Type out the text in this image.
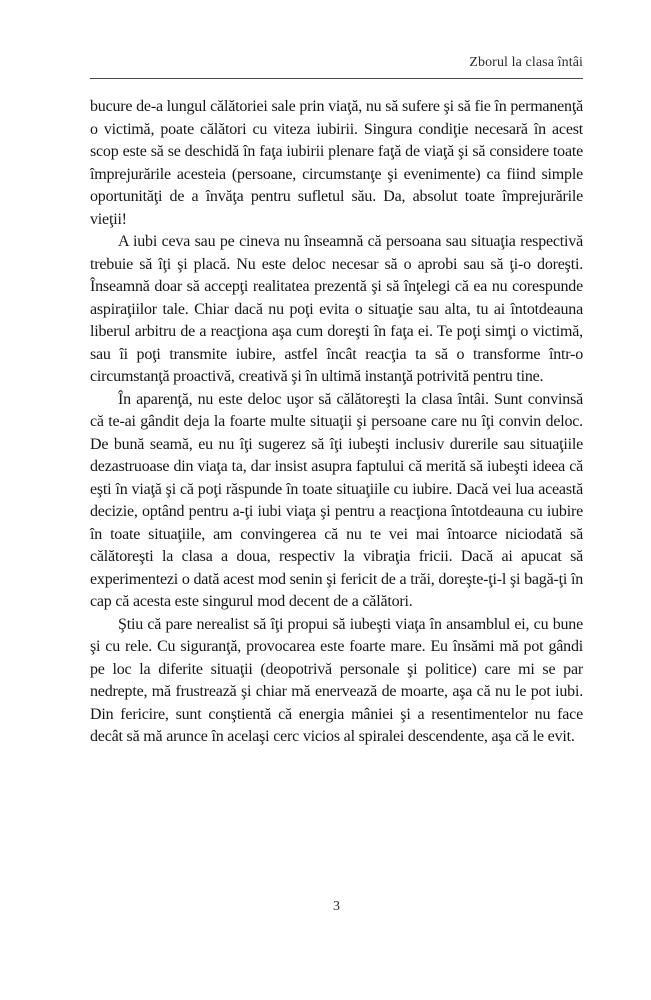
Zborul la clasa întâi

bucure de-a lungul călătoriei sale prin viaţă, nu să sufere şi să fie în permanenţă o victimă, poate călători cu viteza iubirii. Singura condiţie necesară în acest scop este să se deschidă în faţa iubirii plenare faţă de viaţă şi să considere toate împrejurările acesteia (persoane, circumstanţe şi evenimente) ca fiind simple oportunităţi de a învăţa pentru sufletul său. Da, absolut toate împrejurările vieţii!

A iubi ceva sau pe cineva nu înseamnă că persoana sau situaţia respectivă trebuie să îţi şi placă. Nu este deloc necesar să o aprobi sau să ţi-o doreşti. Înseamnă doar să accepţi realitatea prezentă şi să înţelegi că ea nu corespunde aspiraţiilor tale. Chiar dacă nu poţi evita o situaţie sau alta, tu ai întotdeauna liberul arbitru de a reacţiona aşa cum doreşti în faţa ei. Te poţi simţi o victimă, sau îi poţi transmite iubire, astfel încât reacţia ta să o transforme într-o circumstanţă proactivă, creativă şi în ultimă instanţă potrivită pentru tine.

În aparenţă, nu este deloc uşor să călătoreşti la clasa întâi. Sunt convinsă că te-ai gândit deja la foarte multe situaţii şi persoane care nu îţi convin deloc. De bună seamă, eu nu îţi sugerez să îţi iubeşti inclusiv durerile sau situaţiile dezastruoase din viaţa ta, dar insist asupra faptului că merită să iubeşti ideea că eşti în viaţă şi că poţi răspunde în toate situaţiile cu iubire. Dacă vei lua această decizie, optând pentru a-ţi iubi viaţa şi pentru a reacţiona întotdeauna cu iubire în toate situaţiile, am convingerea că nu te vei mai întoarce niciodată să călătoreşti la clasa a doua, respectiv la vibraţia fricii. Dacă ai apucat să experimentezi o dată acest mod senin şi fericit de a trăi, doreşte-ţi-l şi bagă-ţi în cap că acesta este singurul mod decent de a călători.

Ştiu că pare nerealist să îţi propui să iubeşti viaţa în ansamblul ei, cu bune şi cu rele. Cu siguranţă, provocarea este foarte mare. Eu însămi mă pot gândi pe loc la diferite situaţii (deopotrivă personale şi politice) care mi se par nedrepte, mă frustrează şi chiar mă enervează de moarte, aşa că nu le pot iubi. Din fericire, sunt conştientă că energia mâniei şi a resentimentelor nu face decât să mă arunce în acelaşi cerc vicios al spiralei descendente, aşa că le evit.

3
